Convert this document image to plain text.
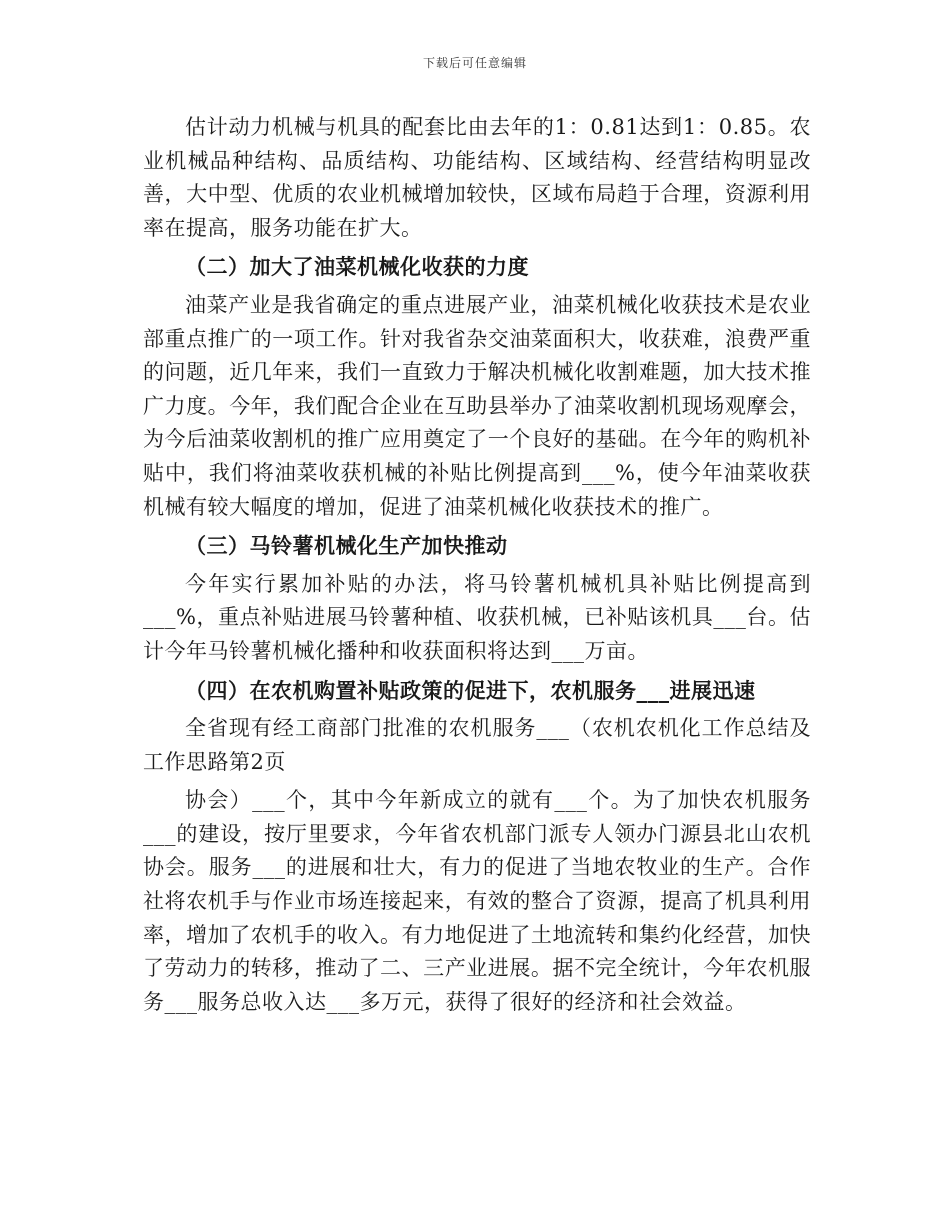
下载后可任意编辑

估计动力机械与机具的配套比由去年的1：0.81达到1：0.85。农业机械品种结构、品质结构、功能结构、区域结构、经营结构明显改善，大中型、优质的农业机械增加较快，区域布局趋于合理，资源利用率在提高，服务功能在扩大。

（二）加大了油菜机械化收获的力度

油菜产业是我省确定的重点进展产业，油菜机械化收获技术是农业部重点推广的一项工作。针对我省杂交油菜面积大，收获难，浪费严重的问题，近几年来，我们一直致力于解决机械化收割难题，加大技术推广力度。今年，我们配合企业在互助县举办了油菜收割机现场观摩会，为今后油菜收割机的推广应用奠定了一个良好的基础。在今年的购机补贴中，我们将油菜收获机械的补贴比例提高到___%，使今年油菜收获机械有较大幅度的增加，促进了油菜机械化收获技术的推广。

（三）马铃薯机械化生产加快推动

今年实行累加补贴的办法，将马铃薯机械机具补贴比例提高到___%，重点补贴进展马铃薯种植、收获机械，已补贴该机具___台。估计今年马铃薯机械化播种和收获面积将达到___万亩。

（四）在农机购置补贴政策的促进下，农机服务___进展迅速

全省现有经工商部门批准的农机服务___（农机农机化工作总结及工作思路第2页

协会）___个，其中今年新成立的就有___个。为了加快农机服务___的建设，按厅里要求，今年省农机部门派专人领办门源县北山农机协会。服务___的进展和壮大，有力的促进了当地农牧业的生产。合作社将农机手与作业市场连接起来，有效的整合了资源，提高了机具利用率，增加了农机手的收入。有力地促进了土地流转和集约化经营，加快了劳动力的转移，推动了二、三产业进展。据不完全统计，今年农机服务___服务总收入达___多万元，获得了很好的经济和社会效益。
